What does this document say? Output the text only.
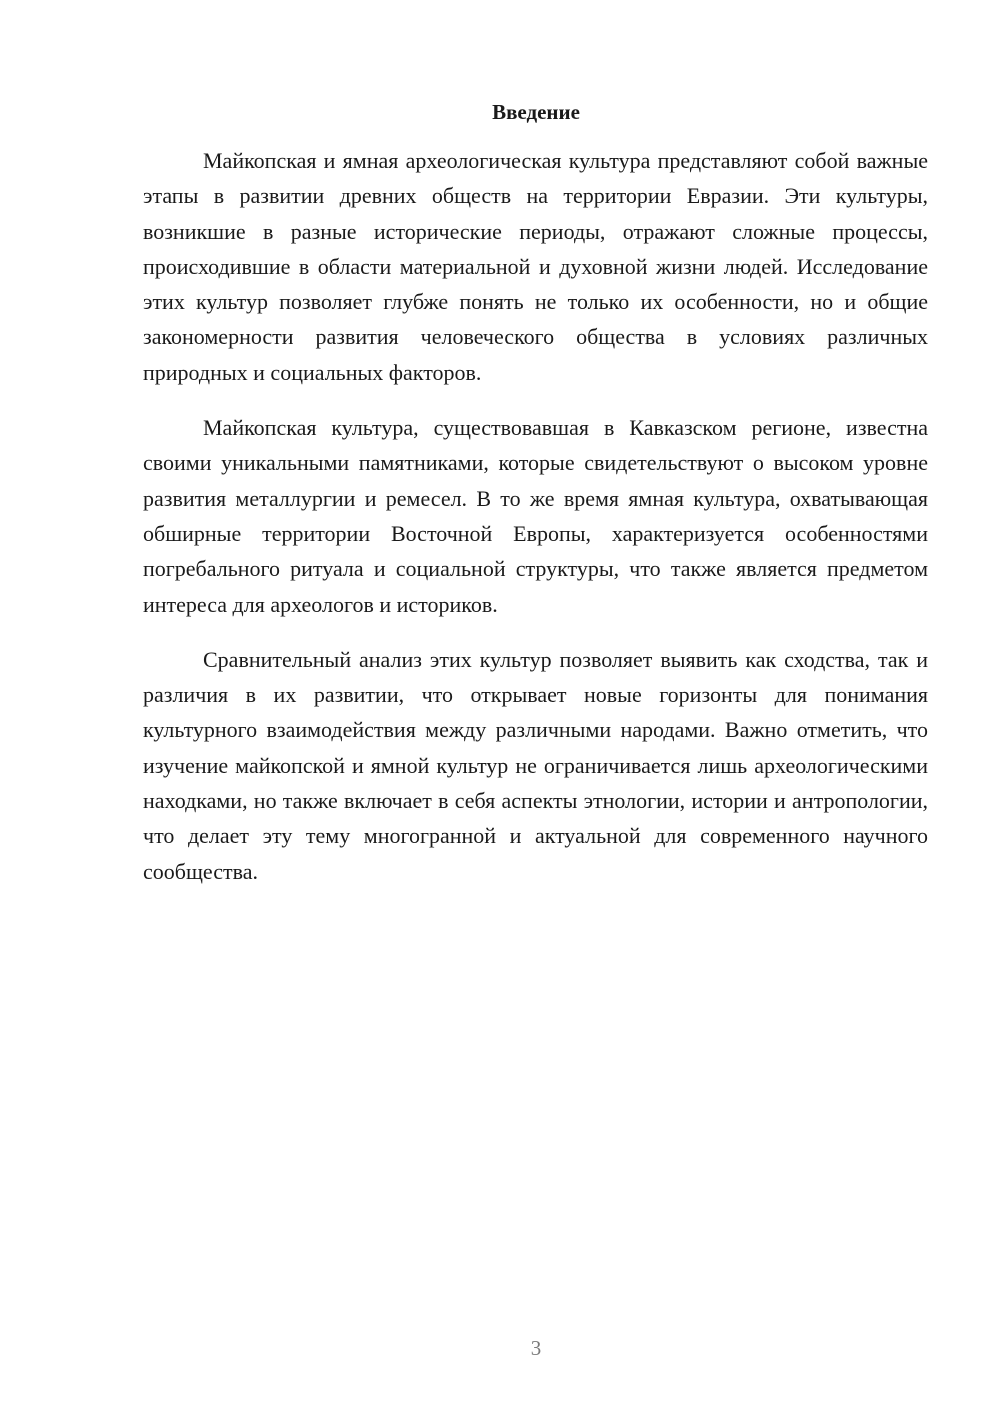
Введение

Майкопская и ямная археологическая культура представляют собой важные этапы в развитии древних обществ на территории Евразии. Эти культуры, возникшие в разные исторические периоды, отражают сложные процессы, происходившие в области материальной и духовной жизни людей. Исследование этих культур позволяет глубже понять не только их особенности, но и общие закономерности развития человеческого общества в условиях различных природных и социальных факторов.

Майкопская культура, существовавшая в Кавказском регионе, известна своими уникальными памятниками, которые свидетельствуют о высоком уровне развития металлургии и ремесел. В то же время ямная культура, охватывающая обширные территории Восточной Европы, характеризуется особенностями погребального ритуала и социальной структуры, что также является предметом интереса для археологов и историков.

Сравнительный анализ этих культур позволяет выявить как сходства, так и различия в их развитии, что открывает новые горизонты для понимания культурного взаимодействия между различными народами. Важно отметить, что изучение майкопской и ямной культур не ограничивается лишь археологическими находками, но также включает в себя аспекты этнологии, истории и антропологии, что делает эту тему многогранной и актуальной для современного научного сообщества.

3
